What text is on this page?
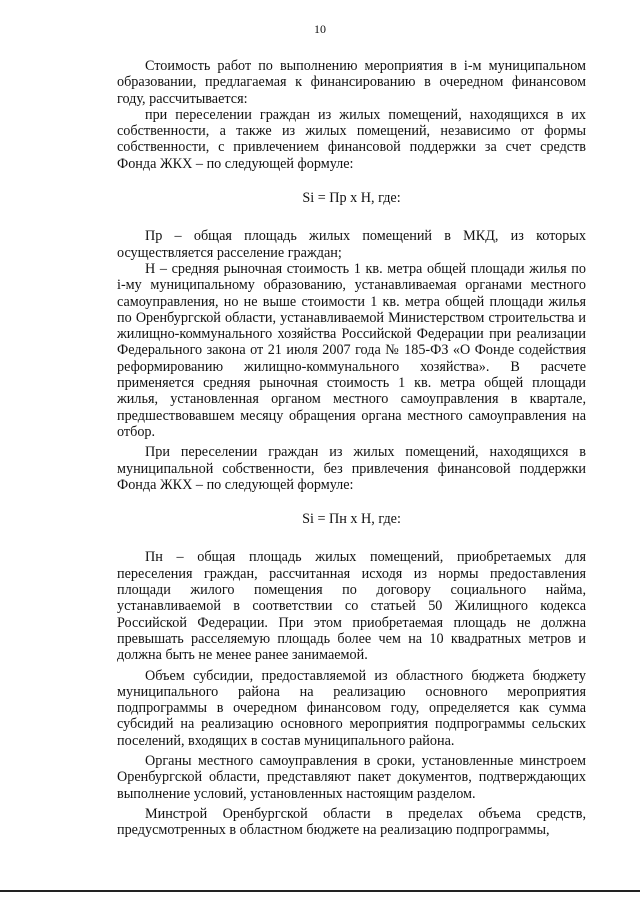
10

Стоимость работ по выполнению мероприятия в i-м муниципальном образовании, предлагаемая к финансированию в очередном финансовом году, рассчитывается:

при переселении граждан из жилых помещений, находящихся в их собственности, а также из жилых помещений, независимо от формы собственности, с привлечением финансовой поддержки за счет средств Фонда ЖКХ – по следующей формуле:

Si = Пр x Н, где:

Пр – общая площадь жилых помещений в МКД, из которых осуществляется расселение граждан;

Н – средняя рыночная стоимость 1 кв. метра общей площади жилья по i-му муниципальному образованию, устанавливаемая органами местного самоуправления, но не выше стоимости 1 кв. метра общей площади жилья по Оренбургской области, устанавливаемой Министерством строительства и жилищно-коммунального хозяйства Российской Федерации при реализации Федерального закона от 21 июля 2007 года № 185-ФЗ «О Фонде содействия реформированию жилищно-коммунального хозяйства». В расчете применяется средняя рыночная стоимость 1 кв. метра общей площади жилья, установленная органом местного самоуправления в квартале, предшествовавшем месяцу обращения органа местного самоуправления на отбор.

При переселении граждан из жилых помещений, находящихся в муниципальной собственности, без привлечения финансовой поддержки Фонда ЖКХ – по следующей формуле:

Si = Пн x Н, где:

Пн – общая площадь жилых помещений, приобретаемых для переселения граждан, рассчитанная исходя из нормы предоставления площади жилого помещения по договору социального найма, устанавливаемой в соответствии со статьей 50 Жилищного кодекса Российской Федерации. При этом приобретаемая площадь не должна превышать расселяемую площадь более чем на 10 квадратных метров и должна быть не менее ранее занимаемой.

Объем субсидии, предоставляемой из областного бюджета бюджету муниципального района на реализацию основного мероприятия подпрограммы в очередном финансовом году, определяется как сумма субсидий на реализацию основного мероприятия подпрограммы сельских поселений, входящих в состав муниципального района.

Органы местного самоуправления в сроки, установленные минстроем Оренбургской области, представляют пакет документов, подтверждающих выполнение условий, установленных настоящим разделом.

Минстрой Оренбургской области в пределах объема средств, предусмотренных в областном бюджете на реализацию подпрограммы,
